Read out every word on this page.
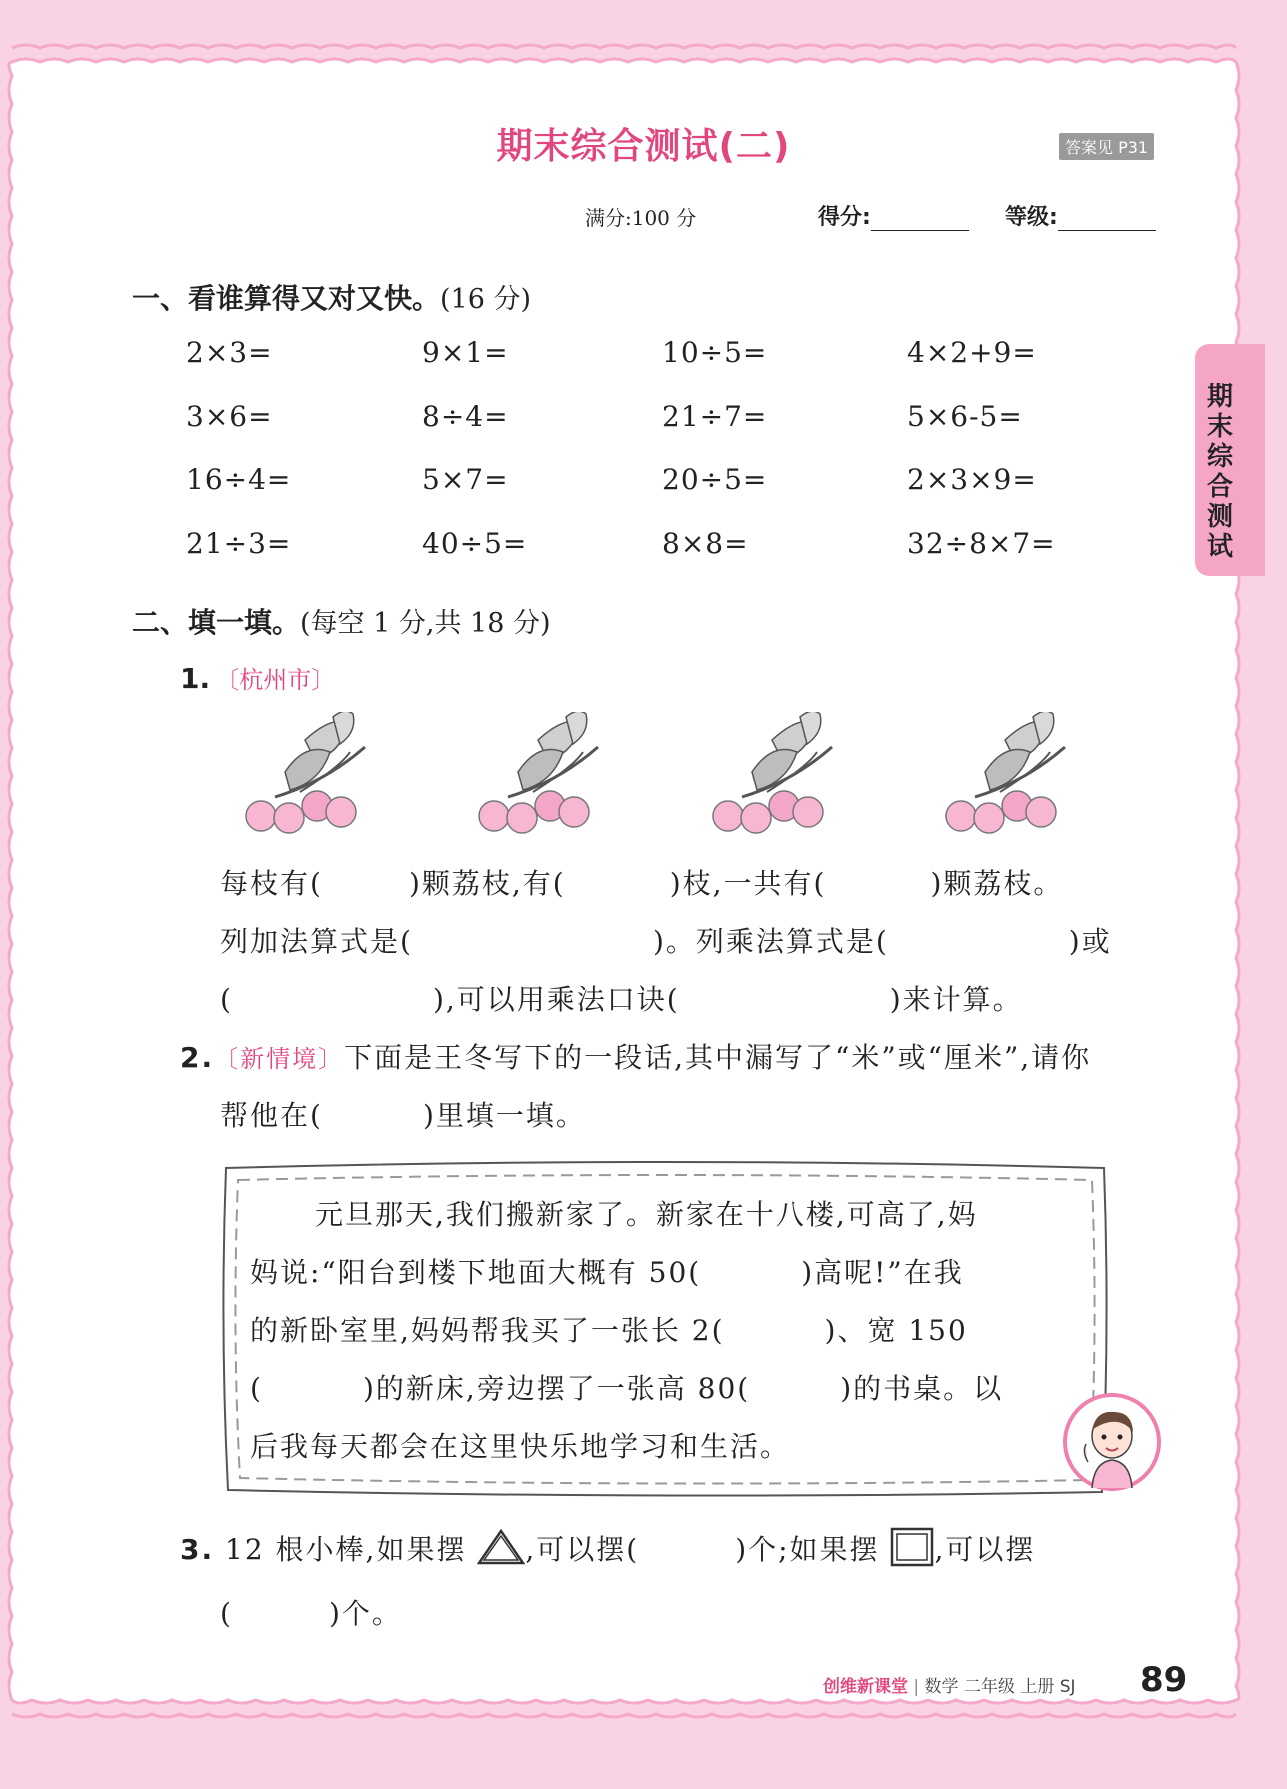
期末综合测试(二)	答案见 P31
满分:100 分	得分:	等级:
期末综合测试
一、看谁算得又对又快。(16 分)
2×3=	9×1=	10÷5=	4×2+9=
3×6=	8÷4=	21÷7=	5×6-5=
16÷4=	5×7=	20÷5=	2×3×9=
21÷3=	40÷5=	8×8=	32÷8×7=
二、填一填。(每空 1 分,共 18 分)
1. 〔杭州市〕
每枝有(	)颗荔枝,有(	)枝,一共有(	)颗荔枝。
列加法算式是(	)。列乘法算式是(	)或
(	),可以用乘法口诀(	)来计算。
2.〔新情境〕下面是王冬写下的一段话,其中漏写了“米”或“厘米”,请你
帮他在(	)里填一填。
元旦那天,我们搬新家了。新家在十八楼,可高了,妈
妈说:“阳台到楼下地面大概有 50(	)高呢!”在我
的新卧室里,妈妈帮我买了一张长 2(	)、宽 150
(	)的新床,旁边摆了一张高 80(	)的书桌。以
后我每天都会在这里快乐地学习和生活。
3. 12 根小棒,如果摆 ,可以摆(	)个;如果摆 ,可以摆
(	)个。
创维新课堂 | 数学 二年级 上册 SJ 89
